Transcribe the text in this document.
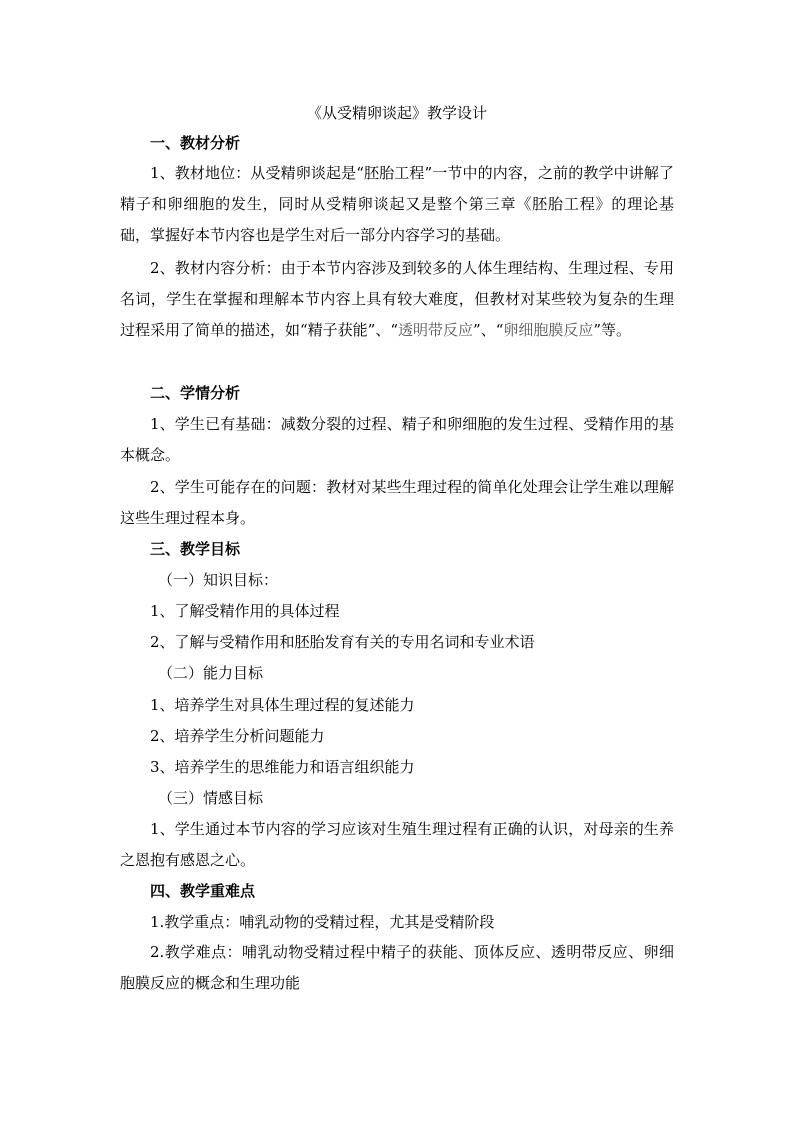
《从受精卵谈起》教学设计
一、教材分析
1、教材地位：从受精卵谈起是“胚胎工程”一节中的内容，之前的教学中讲解了精子和卵细胞的发生，同时从受精卵谈起又是整个第三章《胚胎工程》的理论基础，掌握好本节内容也是学生对后一部分内容学习的基础。
2、教材内容分析：由于本节内容涉及到较多的人体生理结构、生理过程、专用名词，学生在掌握和理解本节内容上具有较大难度，但教材对某些较为复杂的生理过程采用了简单的描述，如“精子获能”、“透明带反应”、“卵细胞膜反应”等。
二、学情分析
1、学生已有基础：减数分裂的过程、精子和卵细胞的发生过程、受精作用的基本概念。
2、学生可能存在的问题：教材对某些生理过程的简单化处理会让学生难以理解这些生理过程本身。
三、教学目标
（一）知识目标：
1、了解受精作用的具体过程
2、了解与受精作用和胚胎发育有关的专用名词和专业术语
（二）能力目标
1、培养学生对具体生理过程的复述能力
2、培养学生分析问题能力
3、培养学生的思维能力和语言组织能力
（三）情感目标
1、学生通过本节内容的学习应该对生殖生理过程有正确的认识，对母亲的生养之恩抱有感恩之心。
四、教学重难点
1.教学重点：哺乳动物的受精过程，尤其是受精阶段
2.教学难点：哺乳动物受精过程中精子的获能、顶体反应、透明带反应、卵细胞膜反应的概念和生理功能
